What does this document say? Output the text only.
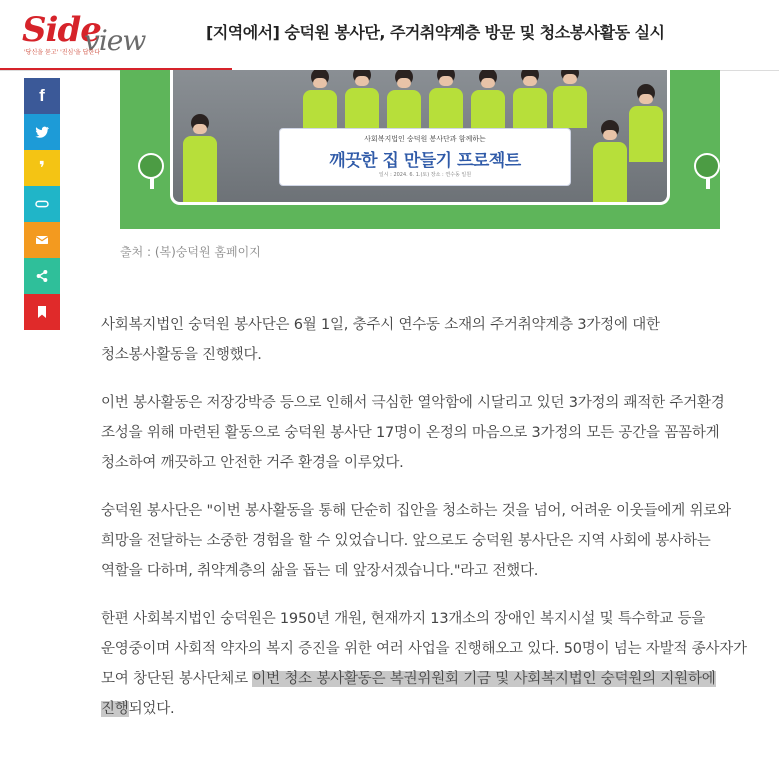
Side
view
'당신을 묻고' '진심'을 답한다
[지역에서] 숭덕원 봉사단, 주거취약계층 방문 및 청소봉사활동 실시
f
❜
사회복지법인 숭덕원 봉사단과 함께하는
깨끗한 집 만들기 프로젝트
일시 : 2024. 6. 1.(토) 장소 : 연수동 일원
출처 : (복)숭덕원 홈페이지

사회복지법인 숭덕원 봉사단은 6월 1일, 충주시 연수동 소재의 주거취약계층 3가정에 대한 청소봉사활동을 진행했다.

이번 봉사활동은 저장강박증 등으로 인해서 극심한 열악함에 시달리고 있던 3가정의 쾌적한 주거환경 조성을 위해 마련된 활동으로 숭덕원 봉사단 17명이 온정의 마음으로 3가정의 모든 공간을 꼼꼼하게 청소하여 깨끗하고 안전한 거주 환경을 이루었다.

숭덕원 봉사단은 "이번 봉사활동을 통해 단순히 집안을 청소하는 것을 넘어, 어려운 이웃들에게 위로와 희망을 전달하는 소중한 경험을 할 수 있었습니다. 앞으로도 숭덕원 봉사단은 지역 사회에 봉사하는 역할을 다하며, 취약계층의 삶을 돕는 데 앞장서겠습니다."라고 전했다.

한편 사회복지법인 숭덕원은 1950년 개원, 현재까지 13개소의 장애인 복지시설 및 특수학교 등을 운영중이며 사회적 약자의 복지 증진을 위한 여러 사업을 진행해오고 있다. 50명이 넘는 자발적 종사자가 모여 창단된 봉사단체로 이번 청소 봉사활동은 복권위원회 기금 및 사회복지법인 숭덕원의 지원하에 진행되었다.
